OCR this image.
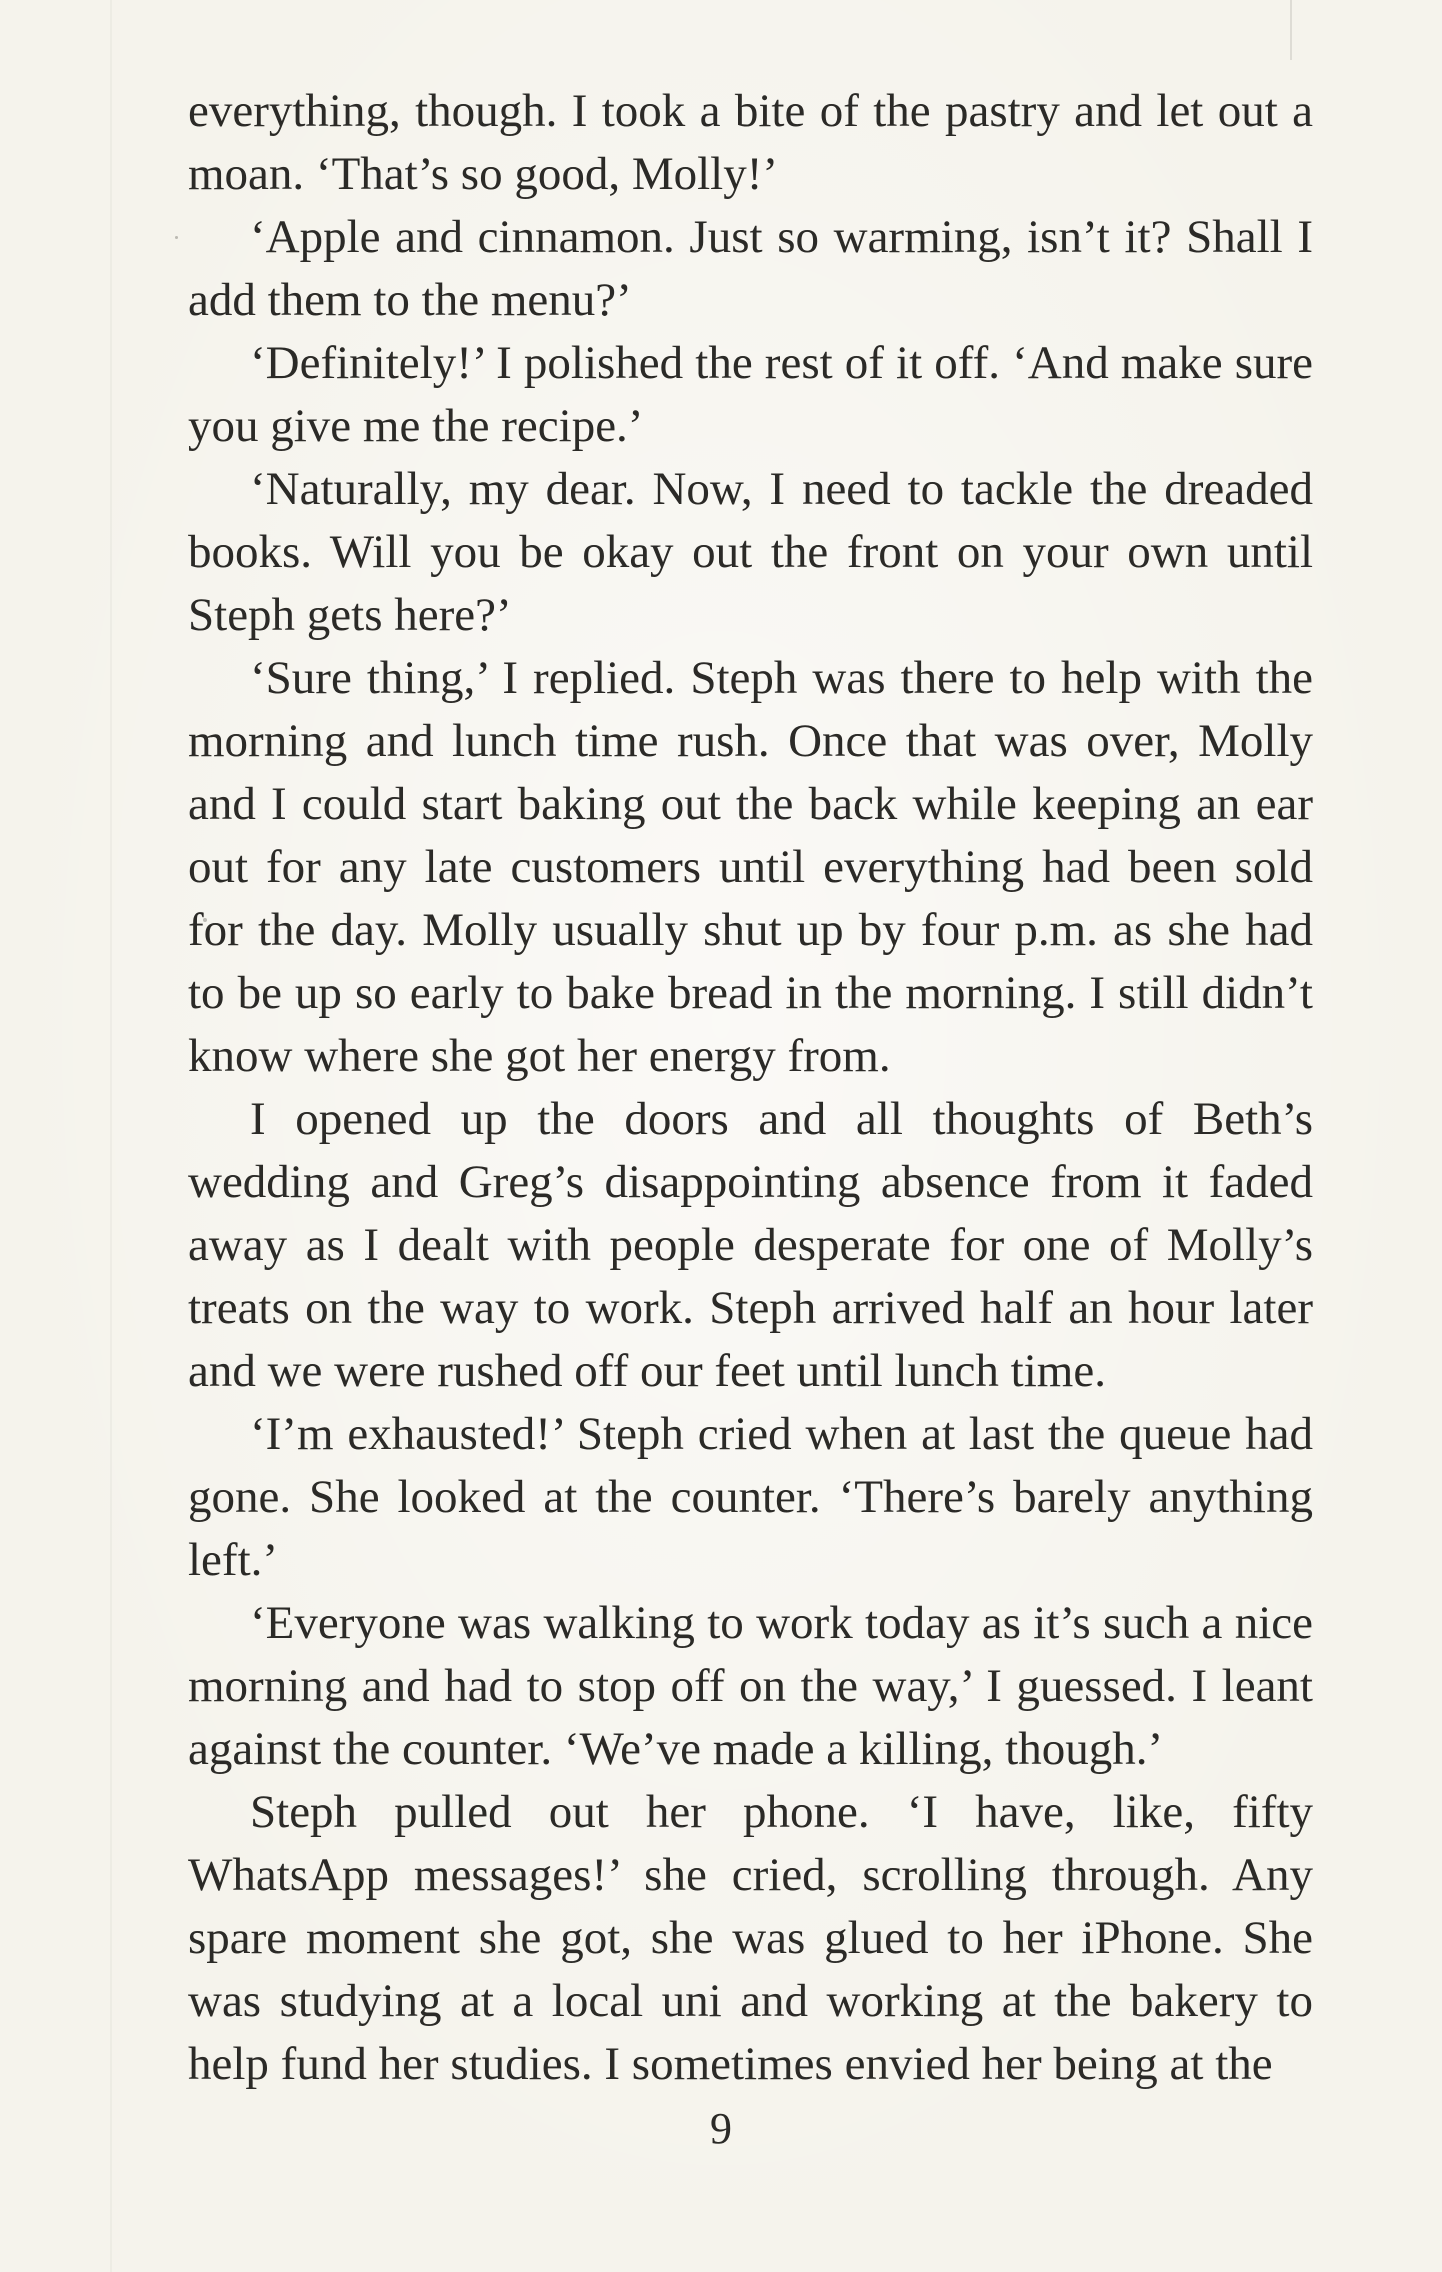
everything, though. I took a bite of the pastry and let out a moan. ‘That’s so good, Molly!’

‘Apple and cinnamon. Just so warming, isn’t it? Shall I add them to the menu?’

‘Definitely!’ I polished the rest of it off. ‘And make sure you give me the recipe.’

‘Naturally, my dear. Now, I need to tackle the dreaded books. Will you be okay out the front on your own until Steph gets here?’

‘Sure thing,’ I replied. Steph was there to help with the morning and lunch time rush. Once that was over, Molly and I could start baking out the back while keeping an ear out for any late customers until everything had been sold for the day. Molly usually shut up by four p.m. as she had to be up so early to bake bread in the morning. I still didn’t know where she got her energy from.

I opened up the doors and all thoughts of Beth’s wedding and Greg’s disappointing absence from it faded away as I dealt with people desperate for one of Molly’s treats on the way to work. Steph arrived half an hour later and we were rushed off our feet until lunch time.

‘I’m exhausted!’ Steph cried when at last the queue had gone. She looked at the counter. ‘There’s barely anything left.’

‘Everyone was walking to work today as it’s such a nice morning and had to stop off on the way,’ I guessed. I leant against the counter. ‘We’ve made a killing, though.’

Steph pulled out her phone. ‘I have, like, fifty WhatsApp messages!’ she cried, scrolling through. Any spare moment she got, she was glued to her iPhone. She was studying at a local uni and working at the bakery to help fund her studies. I sometimes envied her being at the

9
